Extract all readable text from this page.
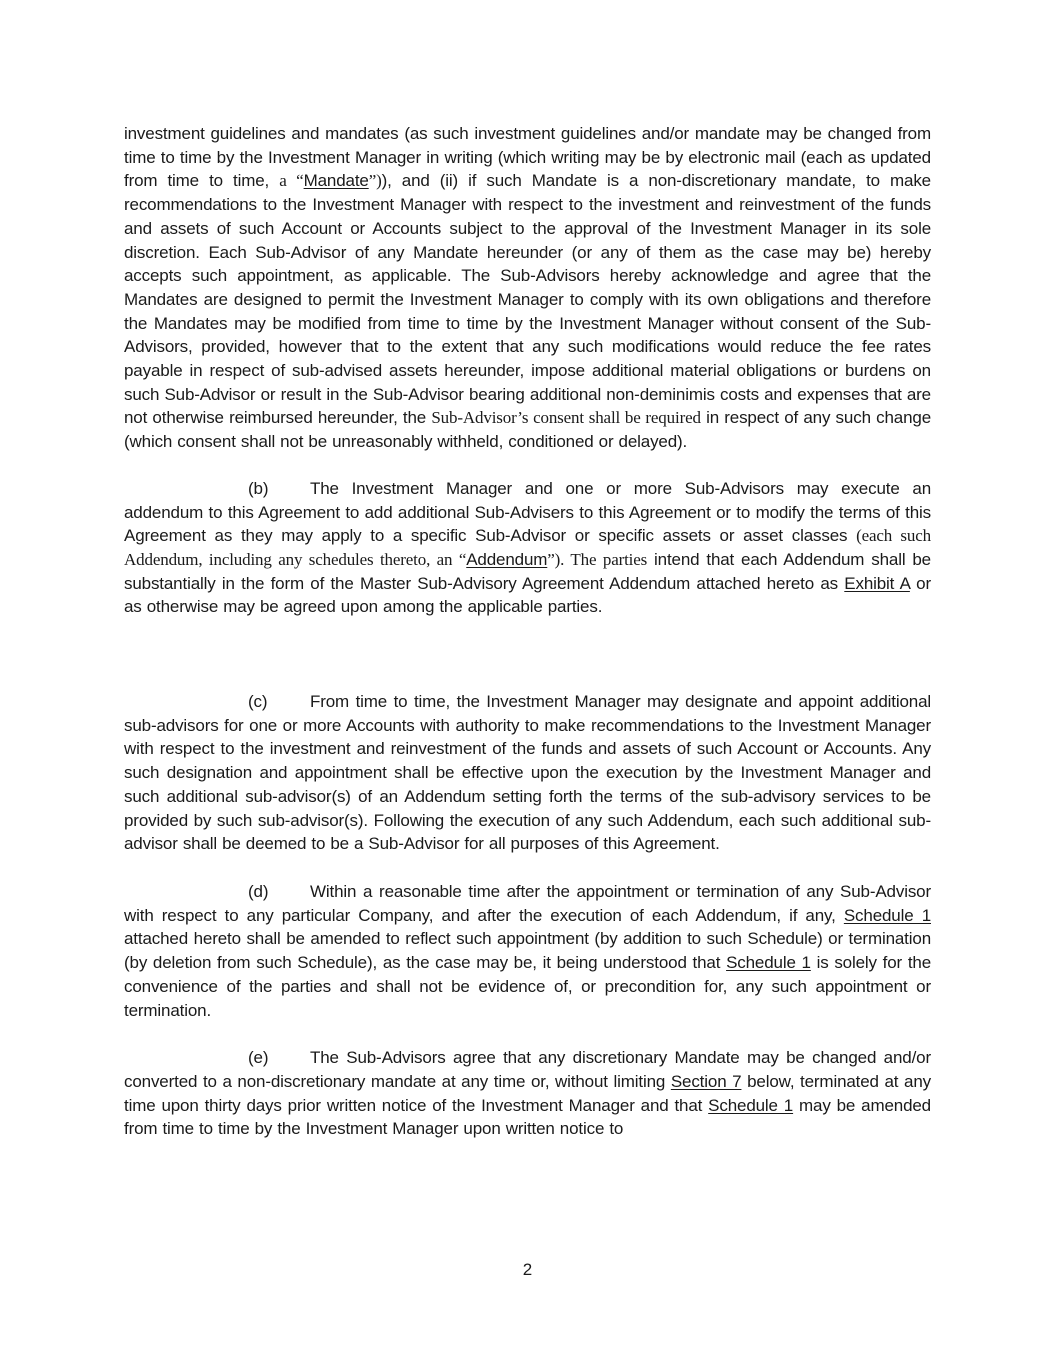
investment guidelines and mandates (as such investment guidelines and/or mandate may be changed from time to time by the Investment Manager in writing (which writing may be by electronic mail (each as updated from time to time, a “Mandate”)), and (ii) if such Mandate is a non-discretionary mandate, to make recommendations to the Investment Manager with respect to the investment and reinvestment of the funds and assets of such Account or Accounts subject to the approval of the Investment Manager in its sole discretion. Each Sub-Advisor of any Mandate hereunder (or any of them as the case may be) hereby accepts such appointment, as applicable. The Sub-Advisors hereby acknowledge and agree that the Mandates are designed to permit the Investment Manager to comply with its own obligations and therefore the Mandates may be modified from time to time by the Investment Manager without consent of the Sub-Advisors, provided, however that to the extent that any such modifications would reduce the fee rates payable in respect of sub-advised assets hereunder, impose additional material obligations or burdens on such Sub-Advisor or result in the Sub-Advisor bearing additional non-deminimis costs and expenses that are not otherwise reimbursed hereunder, the Sub-Advisor’s consent shall be required in respect of any such change (which consent shall not be unreasonably withheld, conditioned or delayed).

(b) The Investment Manager and one or more Sub-Advisors may execute an addendum to this Agreement to add additional Sub-Advisers to this Agreement or to modify the terms of this Agreement as they may apply to a specific Sub-Advisor or specific assets or asset classes (each such Addendum, including any schedules thereto, an “Addendum”). The parties intend that each Addendum shall be substantially in the form of the Master Sub-Advisory Agreement Addendum attached hereto as Exhibit A or as otherwise may be agreed upon among the applicable parties.

(c)	From time to time, the Investment Manager may designate and appoint additional sub-advisors for one or more Accounts with authority to make recommendations to the Investment Manager with respect to the investment and reinvestment of the funds and assets of such Account or Accounts. Any such designation and appointment shall be effective upon the execution by the Investment Manager and such additional sub-advisor(s) of an Addendum setting forth the terms of the sub-advisory services to be provided by such sub-advisor(s). Following the execution of any such Addendum, each such additional sub-advisor shall be deemed to be a Sub-Advisor for all purposes of this Agreement.

(d) Within a reasonable time after the appointment or termination of any Sub-Advisor with respect to any particular Company, and after the execution of each Addendum, if any, Schedule 1 attached hereto shall be amended to reflect such appointment (by addition to such Schedule) or termination (by deletion from such Schedule), as the case may be, it being understood that Schedule 1 is solely for the convenience of the parties and shall not be evidence of, or precondition for, any such appointment or termination.

(e) The Sub-Advisors agree that any discretionary Mandate may be changed and/or converted to a non-discretionary mandate at any time or, without limiting Section 7 below, terminated at any time upon thirty days prior written notice of the Investment Manager and that Schedule 1 may be amended from time to time by the Investment Manager upon written notice to

2
